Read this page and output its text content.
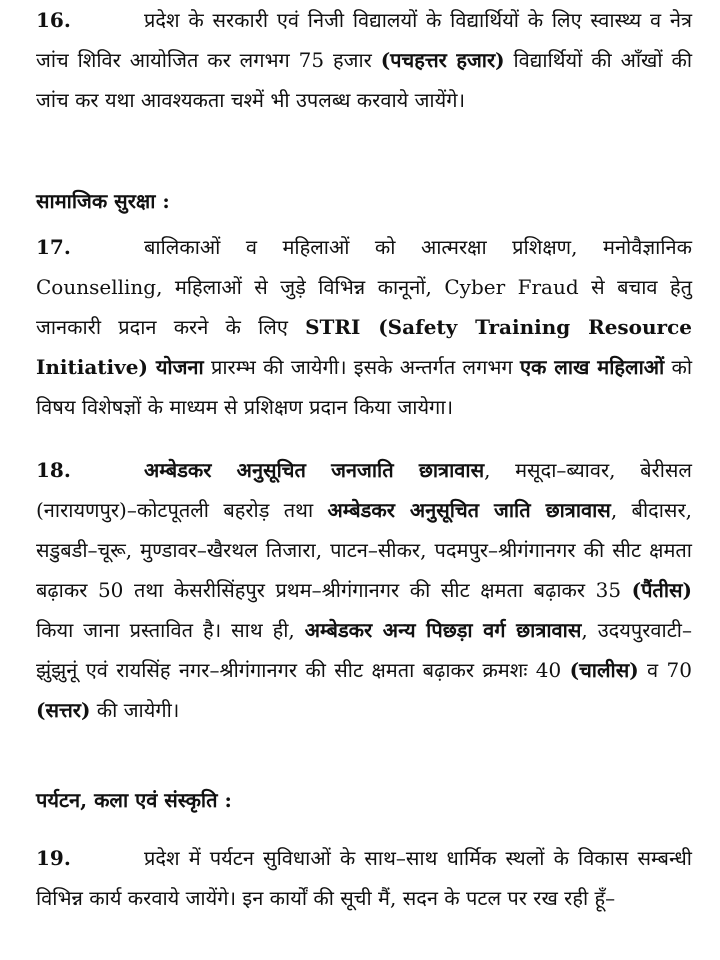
16.	प्रदेश के सरकारी एवं निजी विद्यालयों के विद्यार्थियों के लिए स्वास्थ्य व नेत्र जांच शिविर आयोजित कर लगभग 75 हजार (पचहत्तर हजार) विद्यार्थियों की आँखों की जांच कर यथा आवश्यकता चश्में भी उपलब्ध करवाये जायेंगे।

सामाजिक सुरक्षा :

17.	बालिकाओं व महिलाओं को आत्मरक्षा प्रशिक्षण, मनोवैज्ञानिक Counselling, महिलाओं से जुड़े विभिन्न कानूनों, Cyber Fraud से बचाव हेतु जानकारी प्रदान करने के लिए STRI (Safety Training Resource Initiative) योजना प्रारम्भ की जायेगी। इसके अन्तर्गत लगभग एक लाख महिलाओं को विषय विशेषज्ञों के माध्यम से प्रशिक्षण प्रदान किया जायेगा।

18.	अम्बेडकर अनुसूचित जनजाति छात्रावास, मसूदा–ब्यावर, बेरीसल (नारायणपुर)–कोटपूतली बहरोड़ तथा अम्बेडकर अनुसूचित जाति छात्रावास, बीदासर, सडुबडी–चूरू, मुण्डावर–खैरथल तिजारा, पाटन–सीकर, पदमपुर–श्रीगंगानगर की सीट क्षमता बढ़ाकर 50 तथा केसरीसिंहपुर प्रथम–श्रीगंगानगर की सीट क्षमता बढ़ाकर 35 (पैंतीस) किया जाना प्रस्तावित है। साथ ही, अम्बेडकर अन्य पिछड़ा वर्ग छात्रावास, उदयपुरवाटी–झुंझुनूं एवं रायसिंह नगर–श्रीगंगानगर की सीट क्षमता बढ़ाकर क्रमशः 40 (चालीस) व 70 (सत्तर) की जायेगी।

पर्यटन, कला एवं संस्कृति :

19.	प्रदेश में पर्यटन सुविधाओं के साथ–साथ धार्मिक स्थलों के विकास सम्बन्धी विभिन्न कार्य करवाये जायेंगे। इन कार्यों की सूची मैं, सदन के पटल पर रख रही हूँ–
